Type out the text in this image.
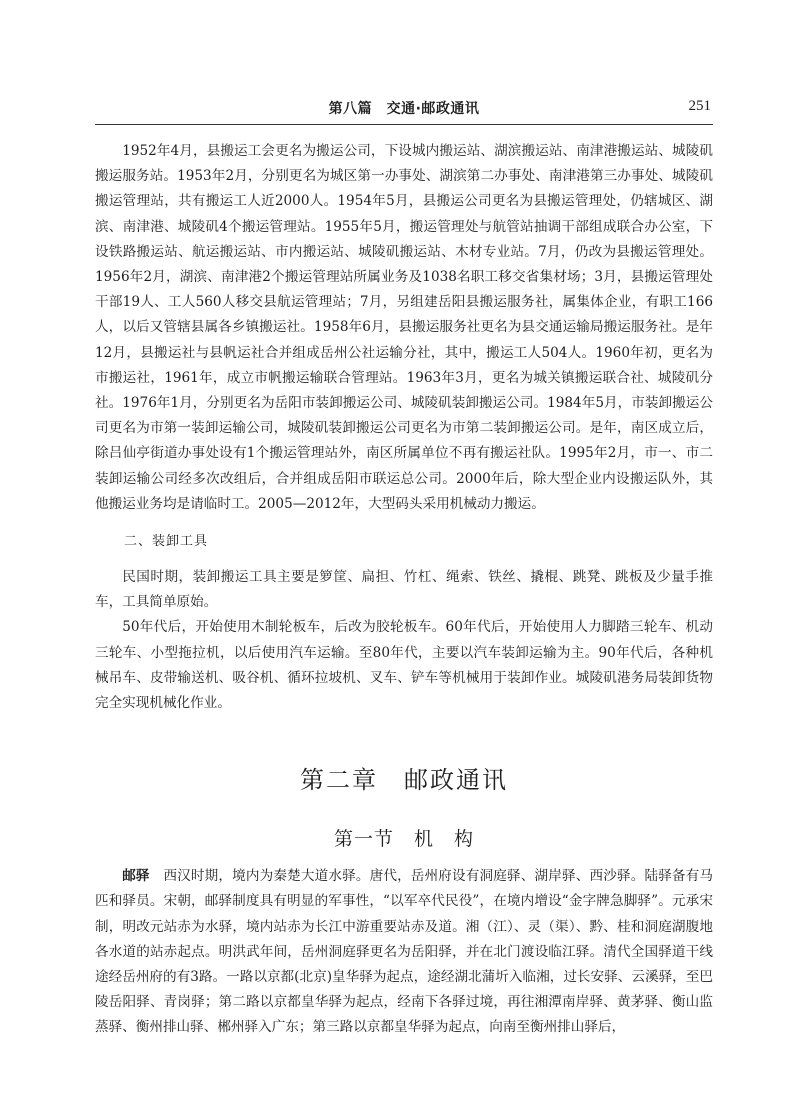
第八篇　交通·邮政通讯	251

1952年4月，县搬运工会更名为搬运公司，下设城内搬运站、湖滨搬运站、南津港搬运站、城陵矶搬运服务站。1953年2月，分别更名为城区第一办事处、湖滨第二办事处、南津港第三办事处、城陵矶搬运管理站，共有搬运工人近2000人。1954年5月，县搬运公司更名为县搬运管理处，仍辖城区、湖滨、南津港、城陵矶4个搬运管理站。1955年5月，搬运管理处与航管站抽调干部组成联合办公室，下设铁路搬运站、航运搬运站、市内搬运站、城陵矶搬运站、木材专业站。7月，仍改为县搬运管理处。1956年2月，湖滨、南津港2个搬运管理站所属业务及1038名职工移交省集材场；3月，县搬运管理处干部19人、工人560人移交县航运管理站；7月，另组建岳阳县搬运服务社，属集体企业，有职工166人，以后又管辖县属各乡镇搬运社。1958年6月，县搬运服务社更名为县交通运输局搬运服务社。是年12月，县搬运社与县帆运社合并组成岳州公社运输分社，其中，搬运工人504人。1960年初，更名为市搬运社，1961年，成立市帆搬运输联合管理站。1963年3月，更名为城关镇搬运联合社、城陵矶分社。1976年1月，分别更名为岳阳市装卸搬运公司、城陵矶装卸搬运公司。1984年5月，市装卸搬运公司更名为市第一装卸运输公司，城陵矶装卸搬运公司更名为市第二装卸搬运公司。是年，南区成立后，除吕仙亭街道办事处设有1个搬运管理站外，南区所属单位不再有搬运社队。1995年2月，市一、市二装卸运输公司经多次改组后，合并组成岳阳市联运总公司。2000年后，除大型企业内设搬运队外，其他搬运业务均是请临时工。2005—2012年，大型码头采用机械动力搬运。

二、装卸工具

民国时期，装卸搬运工具主要是箩筐、扁担、竹杠、绳索、铁丝、撬棍、跳凳、跳板及少量手推车，工具简单原始。

50年代后，开始使用木制轮板车，后改为胶轮板车。60年代后，开始使用人力脚踏三轮车、机动三轮车、小型拖拉机，以后使用汽车运输。至80年代，主要以汽车装卸运输为主。90年代后，各种机械吊车、皮带输送机、吸谷机、循环拉坡机、叉车、铲车等机械用于装卸作业。城陵矶港务局装卸货物完全实现机械化作业。

第二章　邮政通讯
第一节　机　构

邮驿　 西汉时期，境内为秦楚大道水驿。唐代，岳州府设有洞庭驿、湖岸驿、西沙驿。陆驿备有马匹和驿员。宋朝，邮驿制度具有明显的军事性，“以军卒代民役”，在境内增设“金字牌急脚驿”。元承宋制，明改元站赤为水驿，境内站赤为长江中游重要站赤及道。湘（江）、灵（渠）、黔、桂和洞庭湖腹地各水道的站赤起点。明洪武年间，岳州洞庭驿更名为岳阳驿，并在北门渡设临江驿。清代全国驿道干线途经岳州府的有3路。一路以京都(北京)皇华驿为起点，途经湖北蒲圻入临湘，过长安驿、云溪驿，至巴陵岳阳驿、青岗驿；第二路以京都皇华驿为起点，经南下各驿过境，再往湘潭南岸驿、黄茅驿、衡山监蒸驿、衡州排山驿、郴州驿入广东；第三路以京都皇华驿为起点，向南至衡州排山驿后，
